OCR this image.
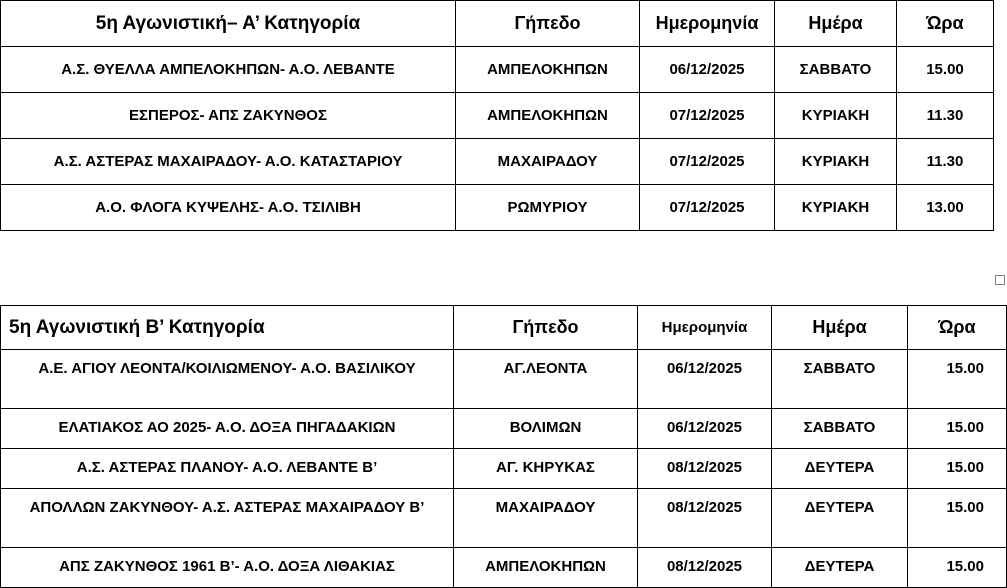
5η Αγωνιστική– Α’ Κατηγορία	Γήπεδο	Ημερομηνία	Ημέρα	Ώρα
Α.Σ. ΘΥΕΛΛΑ ΑΜΠΕΛΟΚΗΠΩΝ- Α.Ο. ΛΕΒΑΝΤΕ	ΑΜΠΕΛΟΚΗΠΩΝ	06/12/2025	ΣΑΒΒΑΤΟ	15.00
ΕΣΠΕΡΟΣ- ΑΠΣ ΖΑΚΥΝΘΟΣ	ΑΜΠΕΛΟΚΗΠΩΝ	07/12/2025	ΚΥΡΙΑΚΗ	11.30
Α.Σ. ΑΣΤΕΡΑΣ ΜΑΧΑΙΡΑΔΟΥ- Α.Ο. ΚΑΤΑΣΤΑΡΙΟΥ	ΜΑΧΑΙΡΑΔΟΥ	07/12/2025	ΚΥΡΙΑΚΗ	11.30
Α.Ο. ΦΛΟΓΑ ΚΥΨΕΛΗΣ- Α.Ο. ΤΣΙΛΙΒΗ	ΡΩΜΥΡΙΟΥ	07/12/2025	ΚΥΡΙΑΚΗ	13.00
5η Αγωνιστική Β’ Κατηγορία	Γήπεδο	Ημερομηνία	Ημέρα	Ώρα
Α.Ε. ΑΓΙΟΥ ΛΕΟΝΤΑ/ΚΟΙΛΙΩΜΕΝΟΥ- Α.Ο. ΒΑΣΙΛΙΚΟΥ	ΑΓ.ΛΕΟΝΤΑ	06/12/2025	ΣΑΒΒΑΤΟ	15.00
ΕΛΑΤΙΑΚΟΣ ΑΟ 2025- Α.Ο. ΔΟΞΑ ΠΗΓΑΔΑΚΙΩΝ	ΒΟΛΙΜΩΝ	06/12/2025	ΣΑΒΒΑΤΟ	15.00
Α.Σ. ΑΣΤΕΡΑΣ ΠΛΑΝΟΥ- Α.Ο. ΛΕΒΑΝΤΕ Β’	ΑΓ. ΚΗΡΥΚΑΣ	08/12/2025	ΔΕΥΤΕΡΑ	15.00
ΑΠΟΛΛΩΝ ΖΑΚΥΝΘΟΥ- Α.Σ. ΑΣΤΕΡΑΣ ΜΑΧΑΙΡΑΔΟΥ Β’	ΜΑΧΑΙΡΑΔΟΥ	08/12/2025	ΔΕΥΤΕΡΑ	15.00
ΑΠΣ ΖΑΚΥΝΘΟΣ 1961 Β’- Α.Ο. ΔΟΞΑ ΛΙΘΑΚΙΑΣ	ΑΜΠΕΛΟΚΗΠΩΝ	08/12/2025	ΔΕΥΤΕΡΑ	15.00
